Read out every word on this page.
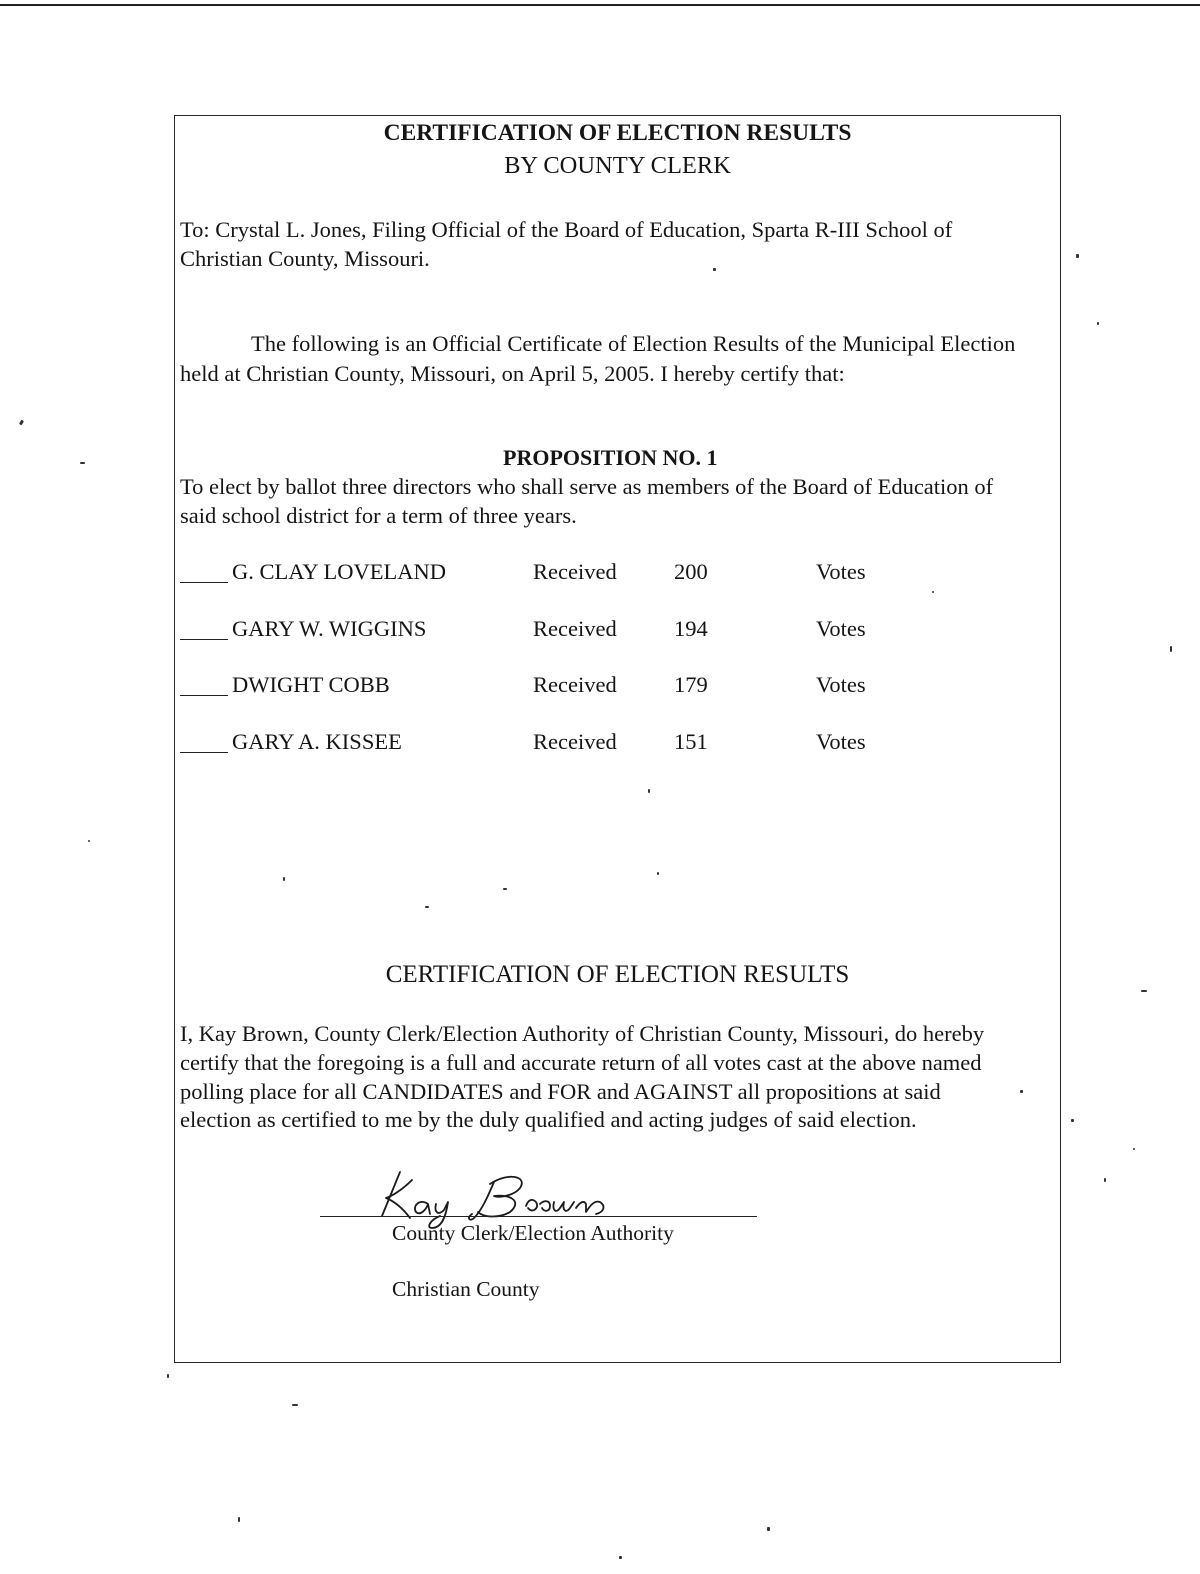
CERTIFICATION OF ELECTION RESULTS
BY COUNTY CLERK
To: Crystal L. Jones, Filing Official of the Board of Education, Sparta R-III School of
Christian County, Missouri.
The following is an Official Certificate of Election Results of the Municipal Election
held at Christian County, Missouri, on April 5, 2005. I hereby certify that:
PROPOSITION NO. 1
To elect by ballot three directors who shall serve as members of the Board of Education of
said school district for a term of three years.
G. CLAY LOVELAND	Received	200	Votes
GARY W. WIGGINS	Received	194	Votes
DWIGHT COBB	Received	179	Votes
GARY A. KISSEE	Received	151	Votes
CERTIFICATION OF ELECTION RESULTS
I, Kay Brown, County Clerk/Election Authority of Christian County, Missouri, do hereby
certify that the foregoing is a full and accurate return of all votes cast at the above named
polling place for all CANDIDATES and FOR and AGAINST all propositions at said
election as certified to me by the duly qualified and acting judges of said election.
County Clerk/Election Authority
Christian County
